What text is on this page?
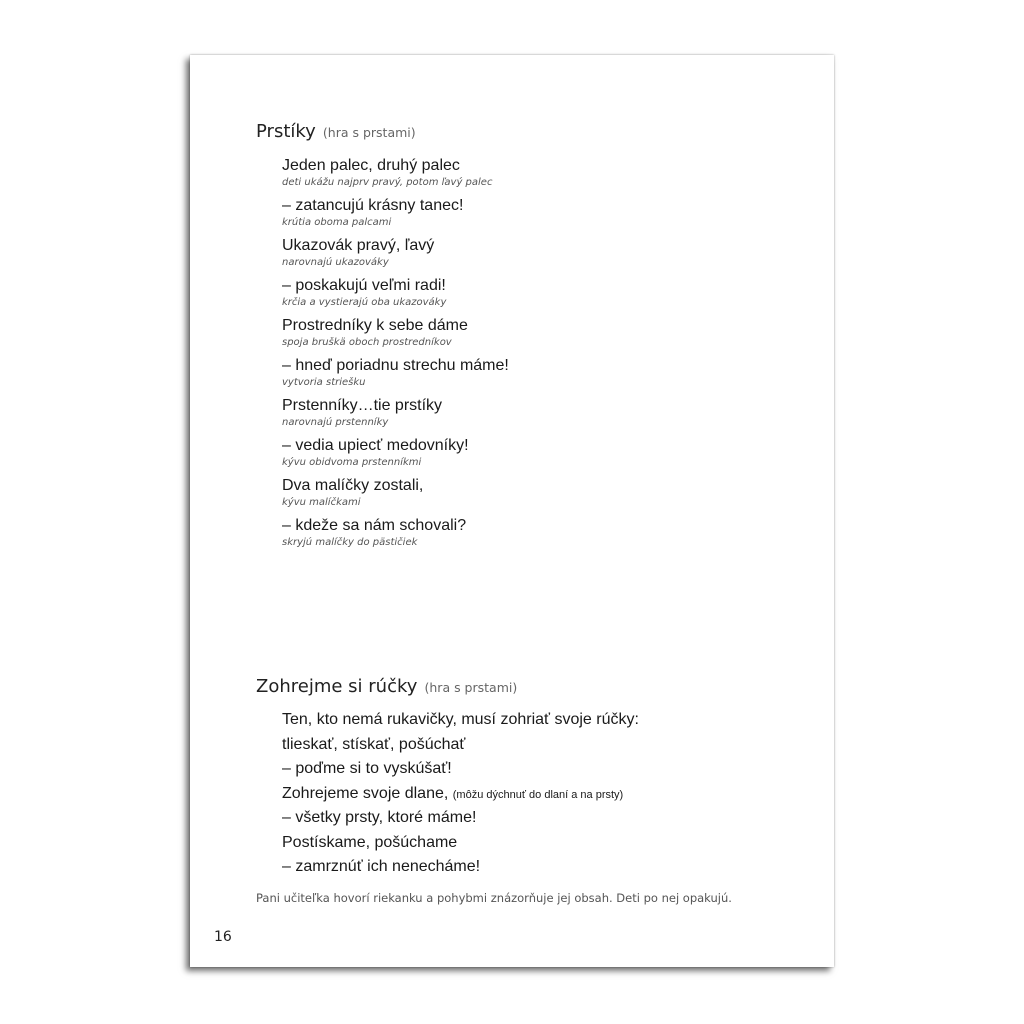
Prstíky (hra s prstami)
Jeden palec, druhý palec
deti ukážu najprv pravý, potom ľavý palec
– zatancujú krásny tanec!
krútia oboma palcami
Ukazovák pravý, ľavý
narovnajú ukazováky
– poskakujú veľmi radi!
krčia a vystierajú oba ukazováky
Prostredníky k sebe dáme
spoja bruškä oboch prostredníkov
– hneď poriadnu strechu máme!
vytvoria striešku
Prstenníky…tie prstíky
narovnajú prstenníky
– vedia upiecť medovníky!
kývu obidvoma prstenníkmi
Dva malíčky zostali,
kývu malíčkami
– kdeže sa nám schovali?
skryjú malíčky do pästičiek
Zohrejme si rúčky (hra s prstami)
Ten, kto nemá rukavičky, musí zohriať svoje rúčky:
tlieskať, stískať, pošúchať
– poďme si to vyskúšať!
Zohrejeme svoje dlane, (môžu dýchnuť do dlaní a na prsty)
– všetky prsty, ktoré máme!
Postískame, pošúchame
– zamrznúť ich nenecháme!
Pani učiteľka hovorí riekanku a pohybmi znázorňuje jej obsah. Deti po nej opakujú.
16
